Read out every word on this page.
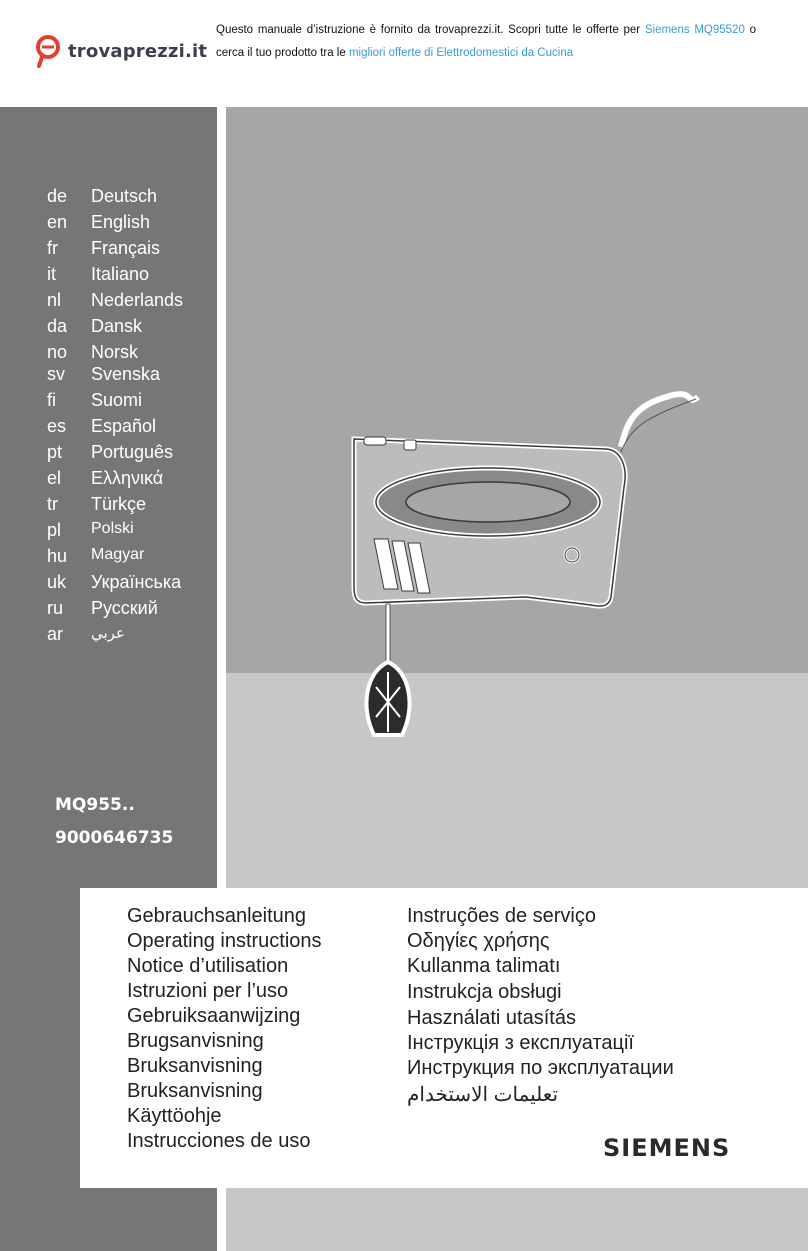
trovaprezzi.it
Questo manuale d’istruzione è fornito da trovaprezzi.it. Scopri tutte le offerte per Siemens MQ95520 o
cerca il tuo prodotto tra le migliori offerte di Elettrodomestici da Cucina
de	Deutsch
en	English
fr	Français
it	Italiano
nl	Nederlands
da	Dansk
no	Norsk
sv	Svenska
fi	Suomi
es	Español
pt	Português
el	Ελληνικά
tr	Türkçe
pl	Polski
hu	Magyar
uk	Українська
ru	Русский
ar	عربي
MQ955..
9000646735
Gebrauchsanleitung
Operating instructions
Notice d’utilisation
Istruzioni per l’uso
Gebruiksaanwijzing
Brugsanvisning
Bruksanvisning
Bruksanvisning
Käyttöohje
Instrucciones de uso
Instruções de serviço
Οδηγίες χρήσης
Kullanma talimatı
Instrukcja obsługi
Használati utasítás
Інструкція з експлуатації
Инструкция по эксплуатации
تعليمات الاستخدام
SIEMENS
